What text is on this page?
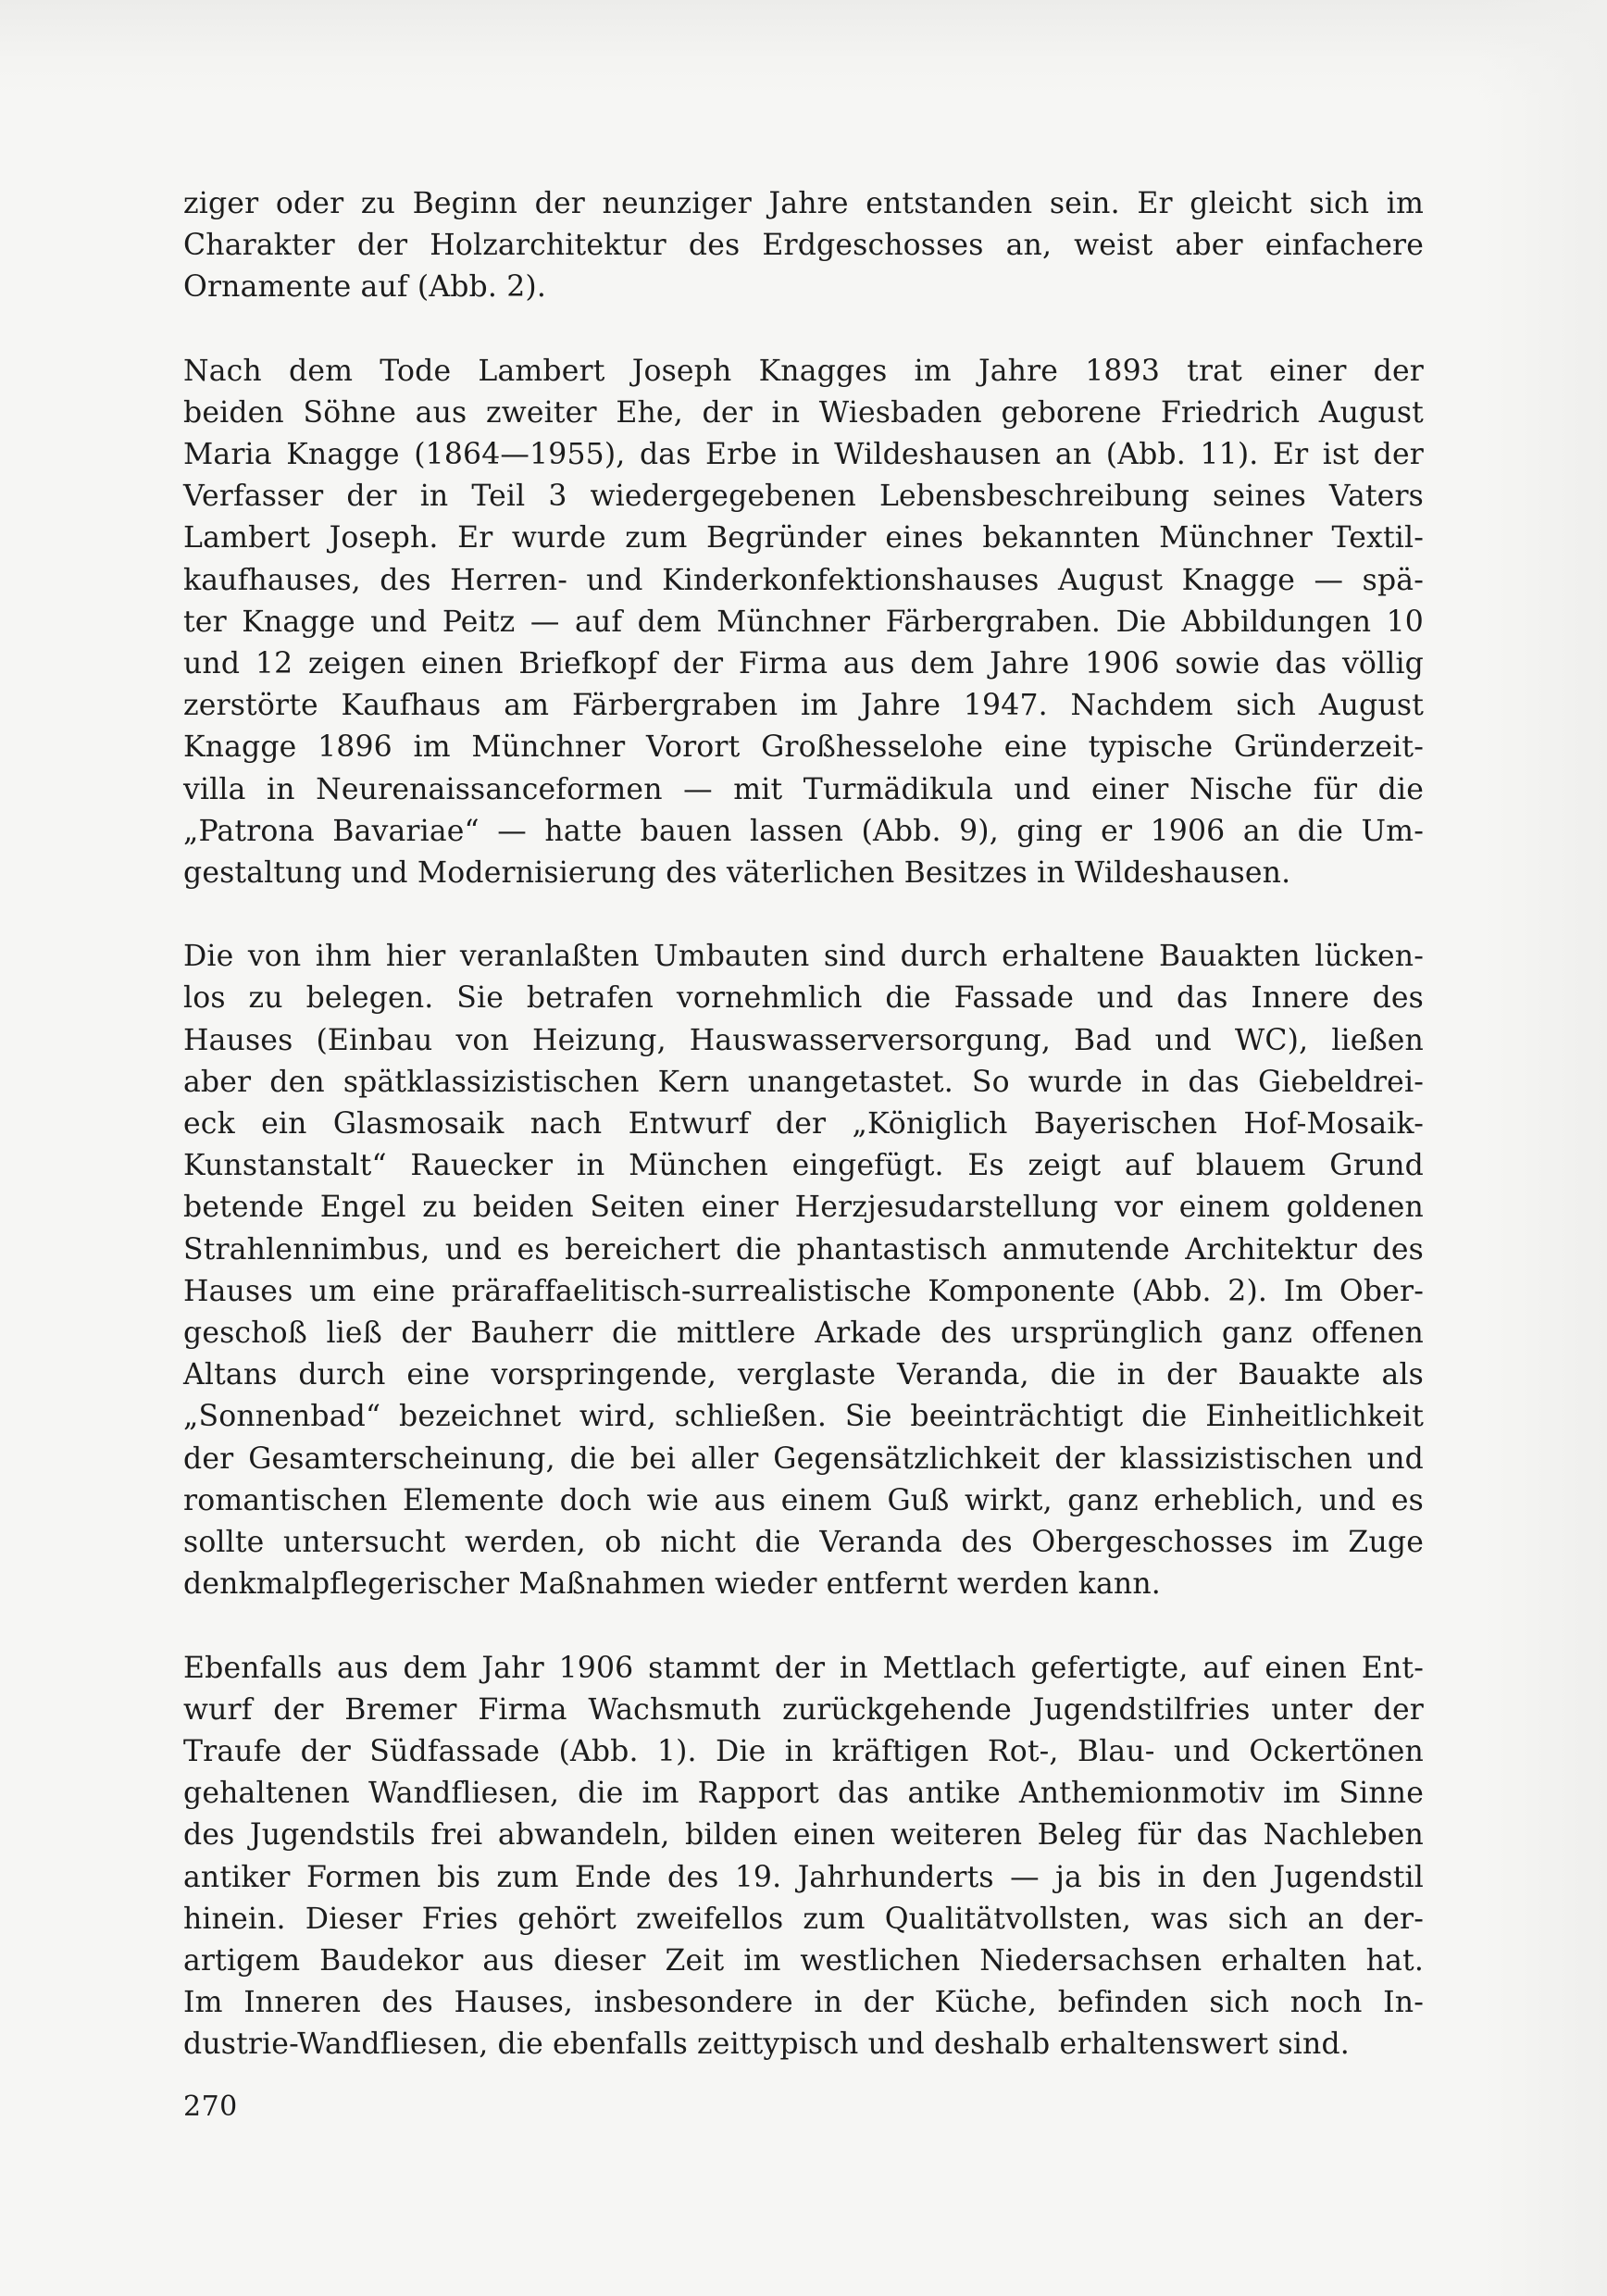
ziger oder zu Beginn der neunziger Jahre entstanden sein. Er gleicht sich im
Charakter der Holzarchitektur des Erdgeschosses an, weist aber einfachere
Ornamente auf (Abb. 2).
Nach dem Tode Lambert Joseph Knagges im Jahre 1893 trat einer der
beiden Söhne aus zweiter Ehe, der in Wiesbaden geborene Friedrich August
Maria Knagge (1864—1955), das Erbe in Wildeshausen an (Abb. 11). Er ist der
Verfasser der in Teil 3 wiedergegebenen Lebensbeschreibung seines Vaters
Lambert Joseph. Er wurde zum Begründer eines bekannten Münchner Textil-
kaufhauses, des Herren- und Kinderkonfektionshauses August Knagge — spä-
ter Knagge und Peitz — auf dem Münchner Färbergraben. Die Abbildungen 10
und 12 zeigen einen Briefkopf der Firma aus dem Jahre 1906 sowie das völlig
zerstörte Kaufhaus am Färbergraben im Jahre 1947. Nachdem sich August
Knagge 1896 im Münchner Vorort Großhesselohe eine typische Gründerzeit-
villa in Neurenaissanceformen — mit Turmädikula und einer Nische für die
„Patrona Bavariae“ — hatte bauen lassen (Abb. 9), ging er 1906 an die Um-
gestaltung und Modernisierung des väterlichen Besitzes in Wildeshausen.
Die von ihm hier veranlaßten Umbauten sind durch erhaltene Bauakten lücken-
los zu belegen. Sie betrafen vornehmlich die Fassade und das Innere des
Hauses (Einbau von Heizung, Hauswasserversorgung, Bad und WC), ließen
aber den spätklassizistischen Kern unangetastet. So wurde in das Giebeldrei-
eck ein Glasmosaik nach Entwurf der „Königlich Bayerischen Hof-Mosaik-
Kunstanstalt“ Rauecker in München eingefügt. Es zeigt auf blauem Grund
betende Engel zu beiden Seiten einer Herzjesudarstellung vor einem goldenen
Strahlennimbus, und es bereichert die phantastisch anmutende Architektur des
Hauses um eine präraffaelitisch-surrealistische Komponente (Abb. 2). Im Ober-
geschoß ließ der Bauherr die mittlere Arkade des ursprünglich ganz offenen
Altans durch eine vorspringende, verglaste Veranda, die in der Bauakte als
„Sonnenbad“ bezeichnet wird, schließen. Sie beeinträchtigt die Einheitlichkeit
der Gesamterscheinung, die bei aller Gegensätzlichkeit der klassizistischen und
romantischen Elemente doch wie aus einem Guß wirkt, ganz erheblich, und es
sollte untersucht werden, ob nicht die Veranda des Obergeschosses im Zuge
denkmalpflegerischer Maßnahmen wieder entfernt werden kann.
Ebenfalls aus dem Jahr 1906 stammt der in Mettlach gefertigte, auf einen Ent-
wurf der Bremer Firma Wachsmuth zurückgehende Jugendstilfries unter der
Traufe der Südfassade (Abb. 1). Die in kräftigen Rot-, Blau- und Ockertönen
gehaltenen Wandfliesen, die im Rapport das antike Anthemionmotiv im Sinne
des Jugendstils frei abwandeln, bilden einen weiteren Beleg für das Nachleben
antiker Formen bis zum Ende des 19. Jahrhunderts — ja bis in den Jugendstil
hinein. Dieser Fries gehört zweifellos zum Qualitätvollsten, was sich an der-
artigem Baudekor aus dieser Zeit im westlichen Niedersachsen erhalten hat.
Im Inneren des Hauses, insbesondere in der Küche, befinden sich noch In-
dustrie-Wandfliesen, die ebenfalls zeittypisch und deshalb erhaltenswert sind.
270
